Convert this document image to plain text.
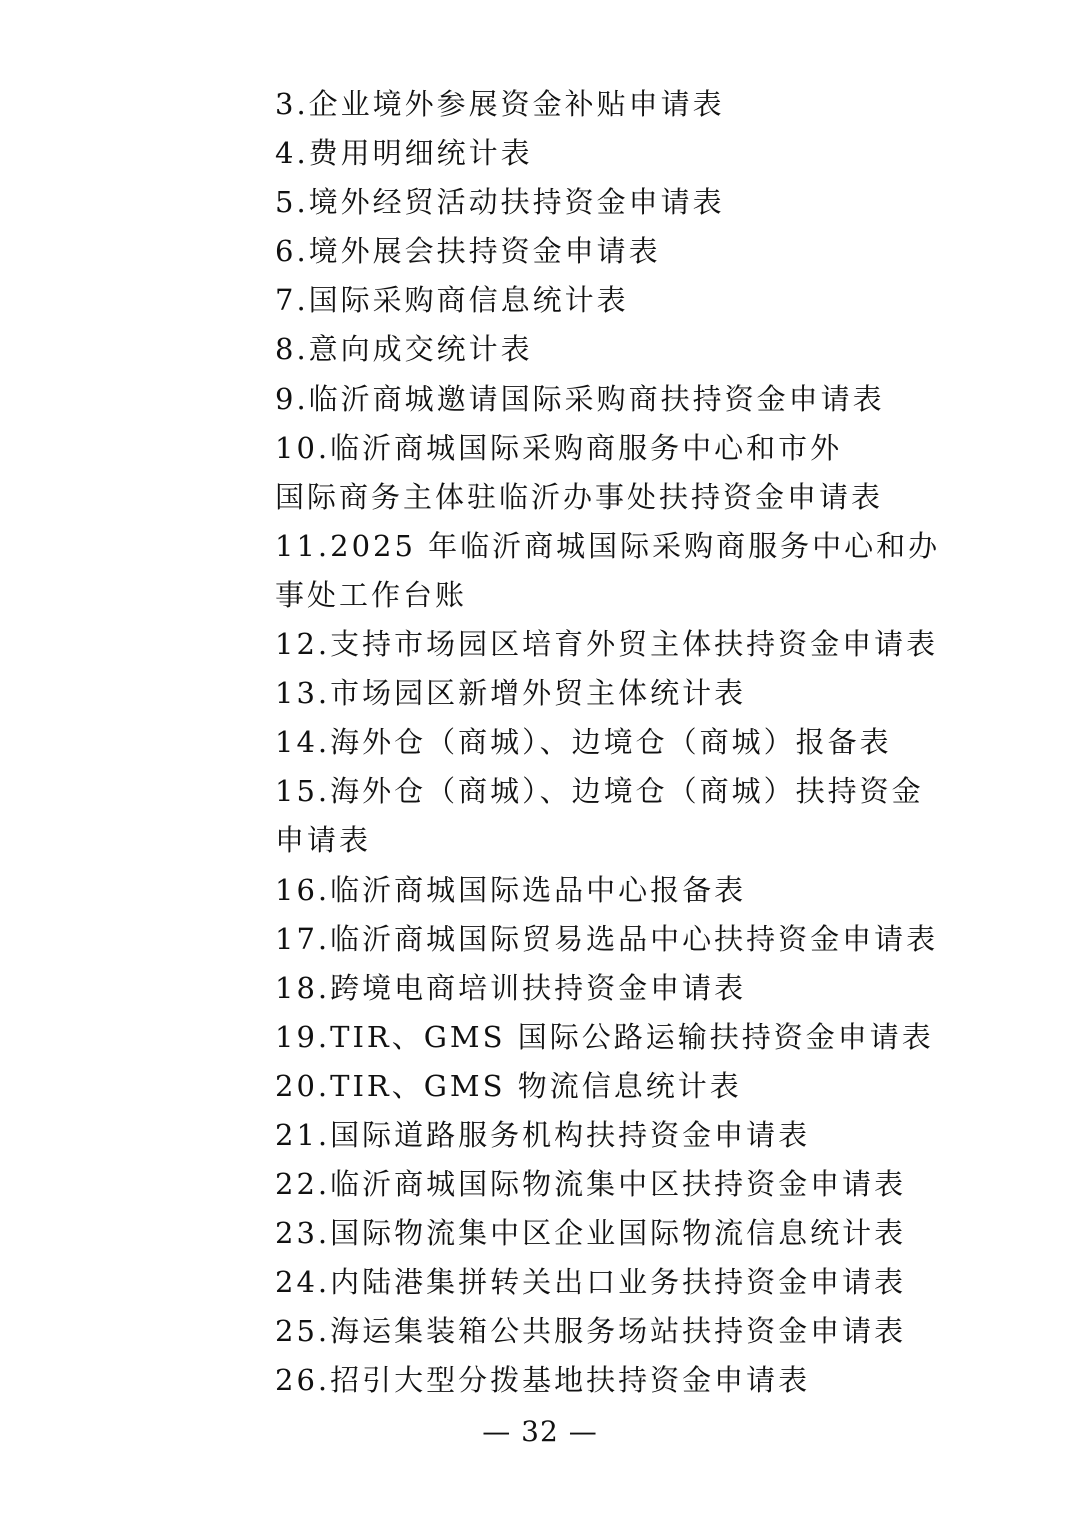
3.企业境外参展资金补贴申请表
4.费用明细统计表
5.境外经贸活动扶持资金申请表
6.境外展会扶持资金申请表
7.国际采购商信息统计表
8.意向成交统计表
9.临沂商城邀请国际采购商扶持资金申请表
10.临沂商城国际采购商服务中心和市外
国际商务主体驻临沂办事处扶持资金申请表
11.2025 年临沂商城国际采购商服务中心和办
事处工作台账
12.支持市场园区培育外贸主体扶持资金申请表
13.市场园区新增外贸主体统计表
14.海外仓（商城）、边境仓（商城）报备表
15.海外仓（商城）、边境仓（商城）扶持资金
申请表
16.临沂商城国际选品中心报备表
17.临沂商城国际贸易选品中心扶持资金申请表
18.跨境电商培训扶持资金申请表
19.TIR、GMS 国际公路运输扶持资金申请表
20.TIR、GMS 物流信息统计表
21.国际道路服务机构扶持资金申请表
22.临沂商城国际物流集中区扶持资金申请表
23.国际物流集中区企业国际物流信息统计表
24.内陆港集拼转关出口业务扶持资金申请表
25.海运集装箱公共服务场站扶持资金申请表
26.招引大型分拨基地扶持资金申请表
— 32 —
